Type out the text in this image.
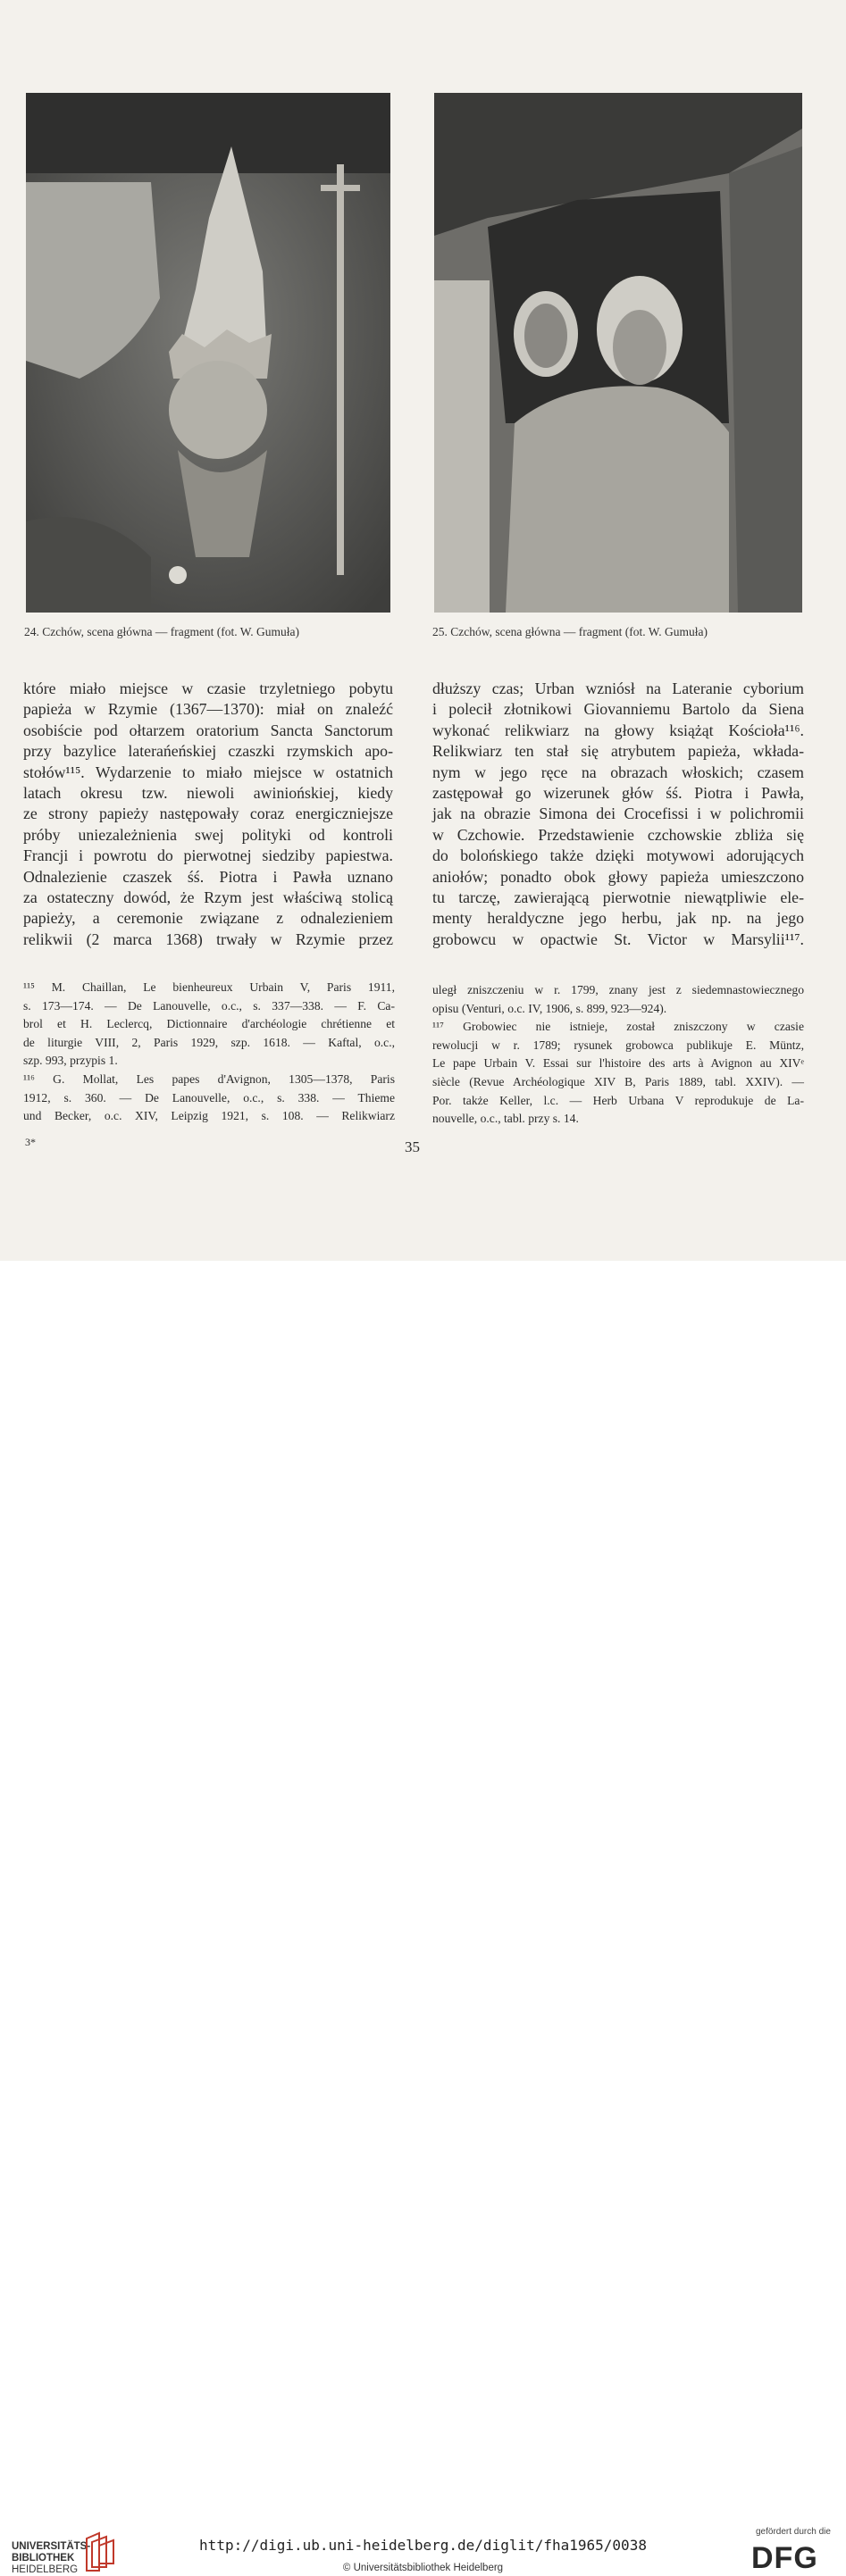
24. Czchów, scena główna — fragment (fot. W. Gumuła)	25. Czchów, scena główna — fragment (fot. W. Gumuła)
które miało miejsce w czasie trzyletniego pobytu
papieża w Rzymie (1367—1370): miał on znaleźć
osobiście pod ołtarzem oratorium Sancta Sanctorum
przy bazylice laterańeńskiej czaszki rzymskich apo-
stołów¹¹⁵. Wydarzenie to miało miejsce w ostatnich
latach okresu tzw. niewoli awiniońskiej, kiedy
ze strony papieży następowały coraz energiczniejsze
próby uniezależnienia swej polityki od kontroli
Francji i powrotu do pierwotnej siedziby papiestwa.
Odnalezienie czaszek śś. Piotra i Pawła uznano
za ostateczny dowód, że Rzym jest właściwą stolicą
papieży, a ceremonie związane z odnalezieniem
relikwii (2 marca 1368) trwały w Rzymie przez
dłuższy czas; Urban wzniósł na Lateranie cyborium
i polecił złotnikowi Giovanniemu Bartolo da Siena
wykonać relikwiarz na głowy książąt Kościoła¹¹⁶.
Relikwiarz ten stał się atrybutem papieża, wkłada-
nym w jego ręce na obrazach włoskich; czasem
zastępował go wizerunek głów śś. Piotra i Pawła,
jak na obrazie Simona dei Crocefissi i w polichromii
w Czchowie. Przedstawienie czchowskie zbliża się
do bolońskiego także dzięki motywowi adorujących
aniołów; ponadto obok głowy papieża umieszczono
tu tarczę, zawierającą pierwotnie niewątpliwie ele-
menty heraldyczne jego herbu, jak np. na jego
grobowcu w opactwie St. Victor w Marsylii¹¹⁷.
¹¹⁵ M. Chaillan, Le bienheureux Urbain V, Paris 1911,
s. 173—174. — De Lanouvelle, o.c., s. 337—338. — F. Ca-
brol et H. Leclercq, Dictionnaire d'archéologie chrétienne et
de liturgie VIII, 2, Paris 1929, szp. 1618. — Kaftal, o.c.,
szp. 993, przypis 1.
¹¹⁶ G. Mollat, Les papes d'Avignon, 1305—1378, Paris
1912, s. 360. — De Lanouvelle, o.c., s. 338. — Thieme
und Becker, o.c. XIV, Leipzig 1921, s. 108. — Relikwiarz
uległ zniszczeniu w r. 1799, znany jest z siedemnastowiecznego
opisu (Venturi, o.c. IV, 1906, s. 899, 923—924).
¹¹⁷ Grobowiec nie istnieje, został zniszczony w czasie
rewolucji w r. 1789; rysunek grobowca publikuje E. Müntz,
Le pape Urbain V. Essai sur l'histoire des arts à Avignon au XIVᵉ
siècle (Revue Archéologique XIV B, Paris 1889, tabl. XXIV). —
Por. także Keller, l.c. — Herb Urbana V reprodukuje de La-
nouvelle, o.c., tabl. przy s. 14.
3*	35
UNIVERSITÄTS-
BIBLIOTHEK
HEIDELBERG
http://digi.ub.uni-heidelberg.de/diglit/fha1965/0038
© Universitätsbibliothek Heidelberg
gefördert durch die
DFG
